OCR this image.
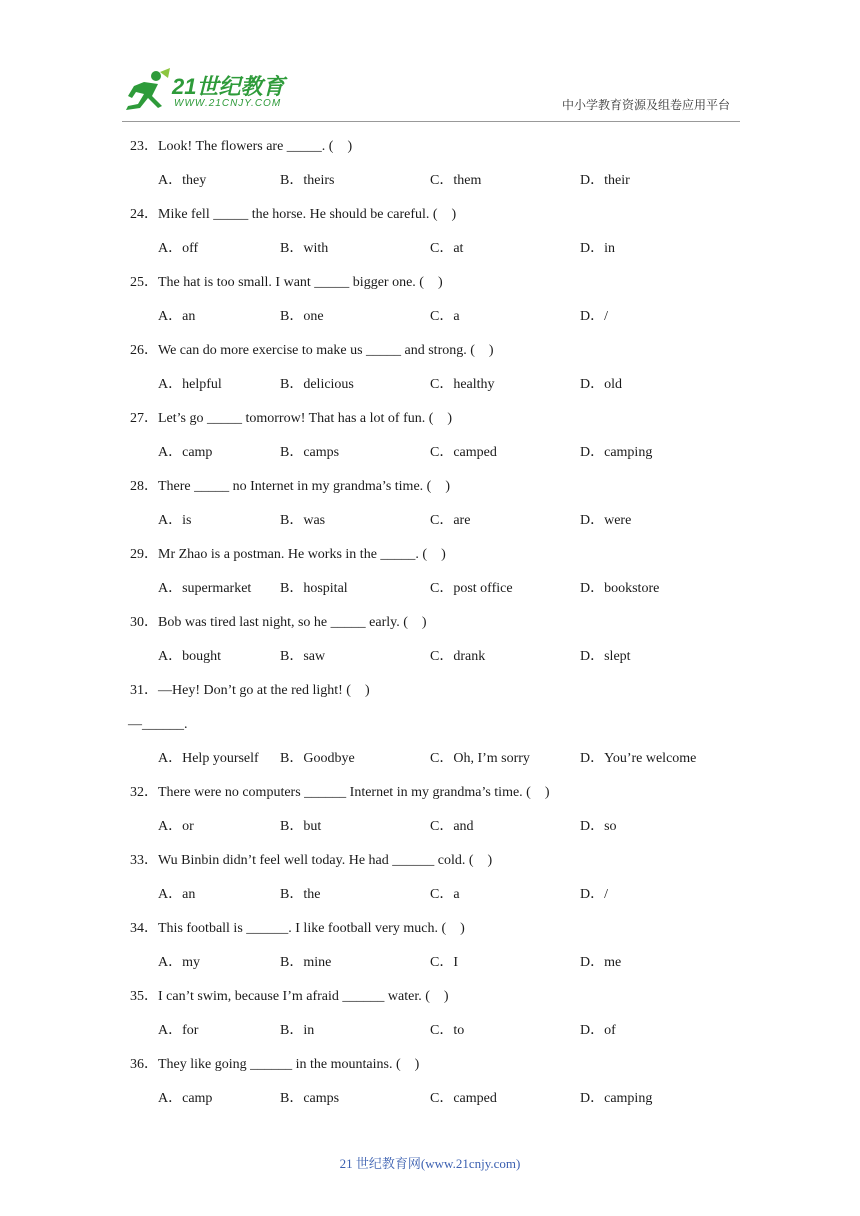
21世纪教育
WWW.21CNJY.COM	中小学教育资源及组卷应用平台
23．Look! The flowers are _____. (　)
A．they	B．theirs	C．them	D．their
24．Mike fell _____ the horse. He should be careful. (　)
A．off	B．with	C．at	D．in
25．The hat is too small. I want _____ bigger one. (　)
A．an	B．one	C．a	D．/
26．We can do more exercise to make us _____ and strong. (　)
A．helpful	B．delicious	C．healthy	D．old
27．Let’s go _____ tomorrow! That has a lot of fun. (　)
A．camp	B．camps	C．camped	D．camping
28．There _____ no Internet in my grandma’s time. (　)
A．is	B．was	C．are	D．were
29．Mr Zhao is a postman. He works in the _____. (　)
A．supermarket B．hospital	C．post office	D．bookstore
30．Bob was tired last night, so he _____ early. (　)
A．bought	B．saw	C．drank	D．slept
31．—Hey! Don’t go at the red light! (　)
—______.
A．Help yourself B．Goodbye	C．Oh, I’m sorry	D．You’re welcome
32．There were no computers ______ Internet in my grandma’s time. (　)
A．or	B．but	C．and	D．so
33．Wu Binbin didn’t feel well today. He had ______ cold. (　)
A．an	B．the	C．a	D．/
34．This football is ______. I like football very much. (　)
A．my	B．mine	C．I	D．me
35．I can’t swim, because I’m afraid ______ water. (　)
A．for	B．in	C．to	D．of
36．They like going ______ in the mountains. (　)
A．camp	B．camps	C．camped	D．camping
21 世纪教育网(www.21cnjy.com)
